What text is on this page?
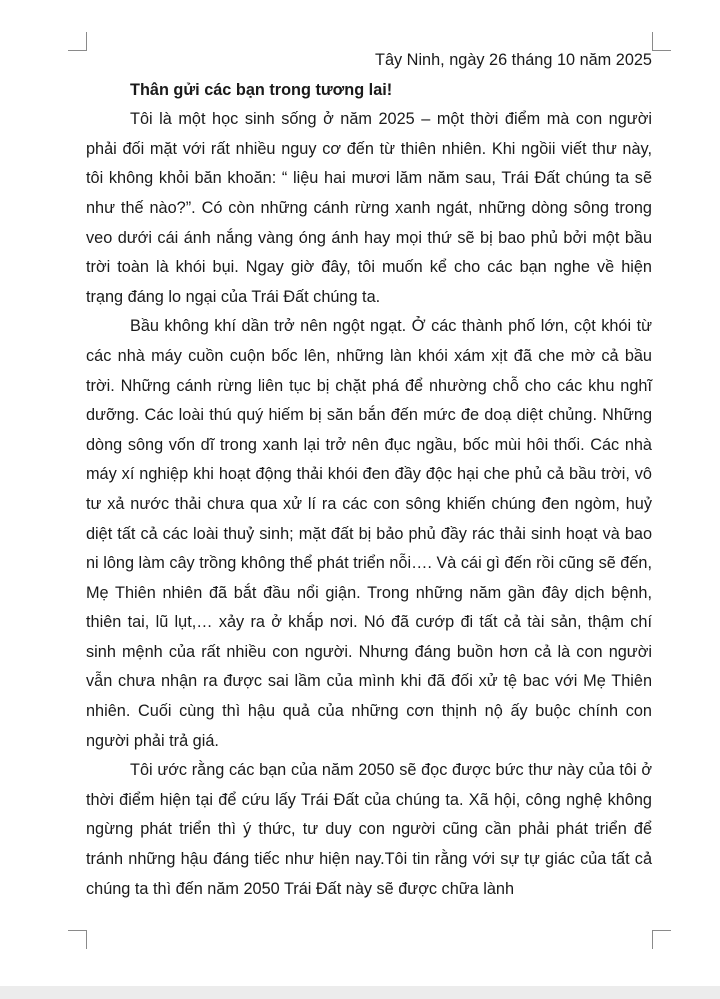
Tây Ninh, ngày 26 tháng 10 năm 2025

Thân gửi các bạn trong tương lai!

Tôi là một học sinh sống ở năm 2025 – một thời điểm mà con người phải đối mặt với rất nhiều nguy cơ đến từ thiên nhiên. Khi ngồii viết thư này, tôi không khỏi băn khoăn: “ liệu hai mươi lăm năm sau, Trái Đất chúng ta sẽ như thế nào?”. Có còn những cánh rừng xanh ngát, những dòng sông trong veo dưới cái ánh nắng vàng óng ánh hay mọi thứ sẽ bị bao phủ bởi một bầu trời toàn là khói bụi. Ngay giờ đây, tôi muốn kể cho các bạn nghe về hiện trạng đáng lo ngại của Trái Đất chúng ta.

Bầu không khí dần trở nên ngột ngạt. Ở các thành phố lớn, cột khói từ các nhà máy cuồn cuộn bốc lên, những làn khói xám xịt đã che mờ cả bầu trời. Những cánh rừng liên tục bị chặt phá để nhường chỗ cho các khu nghĩ dưỡng. Các loài thú quý hiếm bị săn bắn đến mức đe doạ diệt chủng. Những dòng sông vốn dĩ trong xanh lại trở nên đục ngầu, bốc mùi hôi thối. Các nhà máy xí nghiệp khi hoạt động thải khói đen đầy độc hại che phủ cả bầu trời, vô tư xả nước thải chưa qua xử lí ra các con sông khiến chúng đen ngòm, huỷ diệt tất cả các loài thuỷ sinh; mặt đất bị bảo phủ đầy rác thải sinh hoạt và bao ni lông làm cây trồng không thể phát triển nỗi…. Và cái gì đến rồi cũng sẽ đến, Mẹ Thiên nhiên đã bắt đầu nổi giận. Trong những năm gần đây dịch bệnh, thiên tai, lũ lụt,… xảy ra ở khắp nơi. Nó đã cướp đi tất cả tài sản, thậm chí sinh mệnh của rất nhiều con người. Nhưng đáng buồn hơn cả là con người vẫn chưa nhận ra được sai lầm của mình khi đã đối xử tệ bac với Mẹ Thiên nhiên. Cuối cùng thì hậu quả của những cơn thịnh nộ ấy buộc chính con người phải trả giá.

Tôi ước rằng các bạn của năm 2050 sẽ đọc được bức thư này của tôi ở thời điểm hiện tại để cứu lấy Trái Đất của chúng ta. Xã hội, công nghệ không ngừng phát triển thì ý thức, tư duy con người cũng cần phải phát triển để tránh những hậu đáng tiếc như hiện nay.Tôi tin rằng với sự tự giác của tất cả chúng ta thì đến năm 2050 Trái Đất này sẽ được chữa lành
